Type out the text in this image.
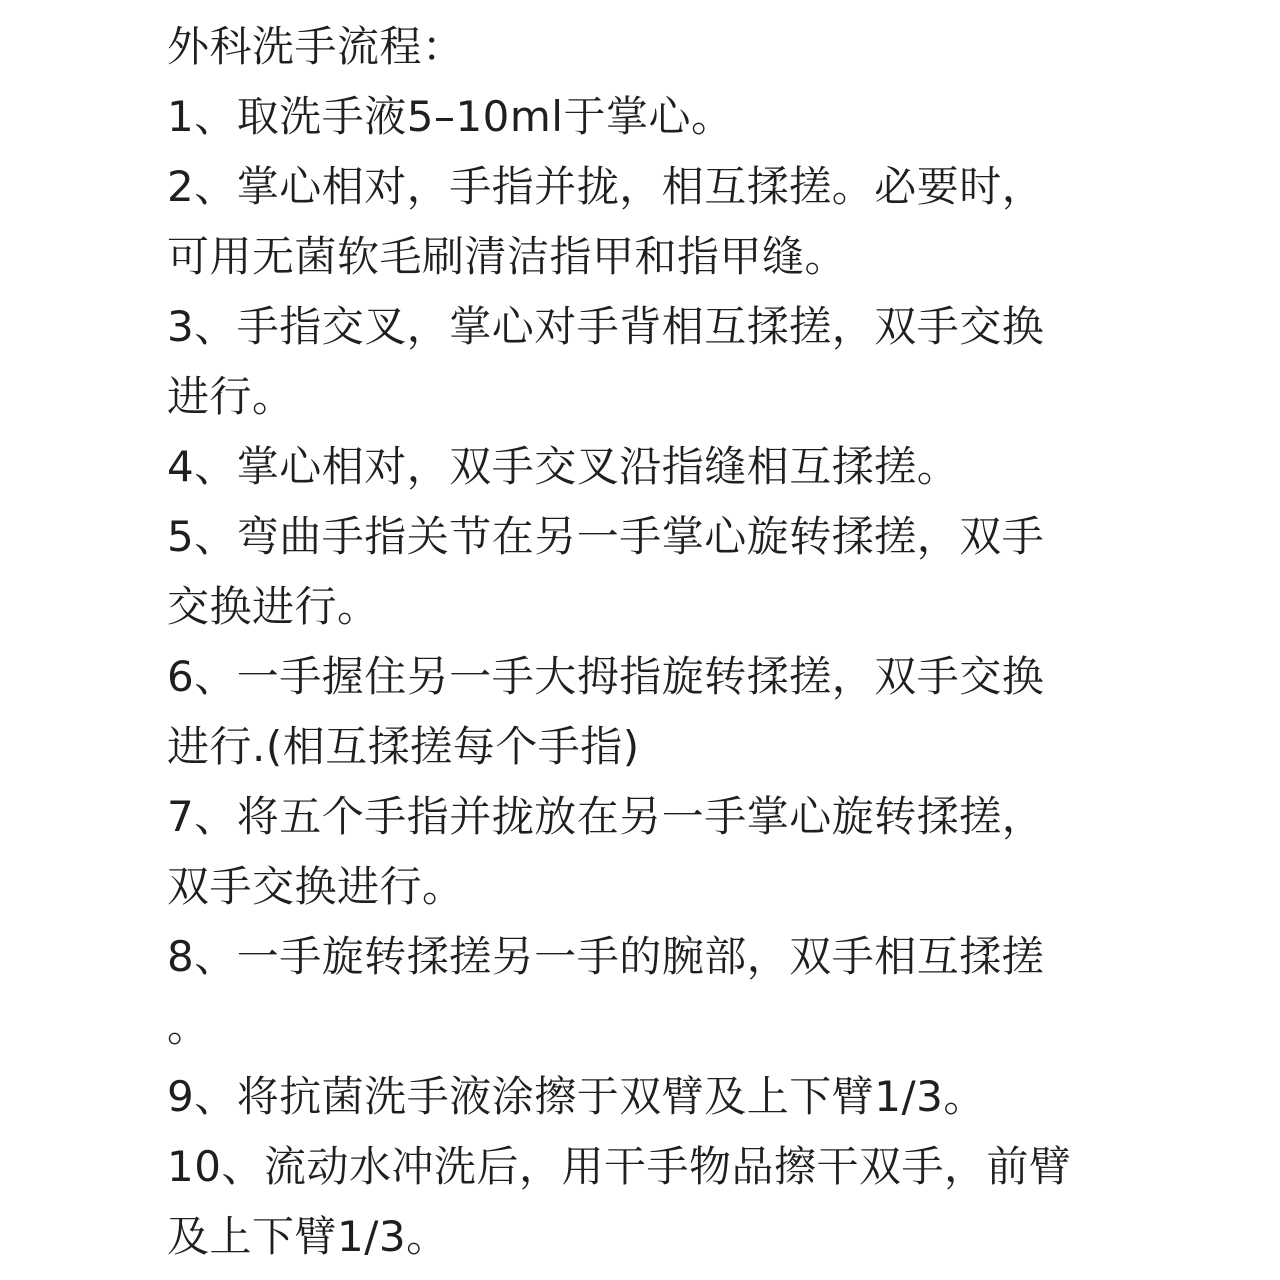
外科洗手流程：
1、取洗手液5–10ml于掌心。
2、掌心相对，手指并拢，相互揉搓。必要时，
可用无菌软毛刷清洁指甲和指甲缝。
3、手指交叉，掌心对手背相互揉搓，双手交换
进行。
4、掌心相对，双手交叉沿指缝相互揉搓。
5、弯曲手指关节在另一手掌心旋转揉搓，双手
交换进行。
6、一手握住另一手大拇指旋转揉搓，双手交换
进行.(相互揉搓每个手指)
7、将五个手指并拢放在另一手掌心旋转揉搓，
双手交换进行。
8、一手旋转揉搓另一手的腕部，双手相互揉搓
。
9、将抗菌洗手液涂擦于双臂及上下臂1/3。
10、流动水冲洗后，用干手物品擦干双手，前臂
及上下臂1/3。
